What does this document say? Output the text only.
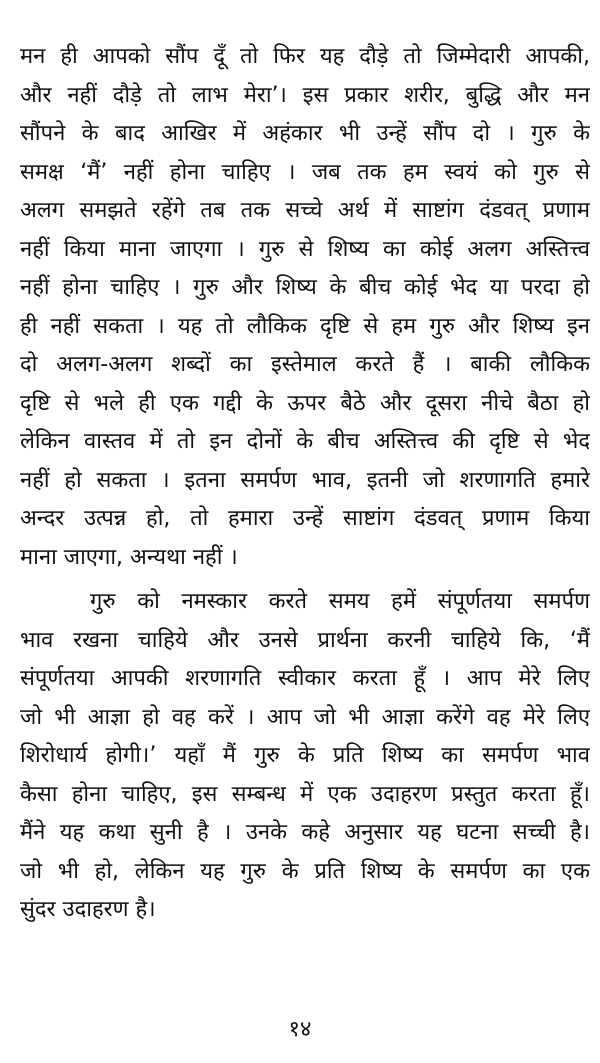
मन ही आपको सौंप दूँ तो फिर यह दौड़े तो जिम्मेदारी आपकी,
और नहीं दौड़े तो लाभ मेरा’। इस प्रकार शरीर, बुद्धि और मन
सौंपने के बाद आखिर में अहंकार भी उन्हें सौंप दो । गुरु के
समक्ष ‘मैं’ नहीं होना चाहिए । जब तक हम स्वयं को गुरु से
अलग समझते रहेंगे तब तक सच्चे अर्थ में साष्टांग दंडवत् प्रणाम
नहीं किया माना जाएगा । गुरु से शिष्य का कोई अलग अस्तित्त्व
नहीं होना चाहिए । गुरु और शिष्य के बीच कोई भेद या परदा हो
ही नहीं सकता । यह तो लौकिक दृष्टि से हम गुरु और शिष्य इन
दो अलग-अलग शब्दों का इस्तेमाल करते हैं । बाकी लौकिक
दृष्टि से भले ही एक गद्दी के ऊपर बैठे और दूसरा नीचे बैठा हो
लेकिन वास्तव में तो इन दोनों के बीच अस्तित्त्व की दृष्टि से भेद
नहीं हो सकता । इतना समर्पण भाव, इतनी जो शरणागति हमारे
अन्दर उत्पन्न हो, तो हमारा उन्हें साष्टांग दंडवत् प्रणाम किया
माना जाएगा, अन्यथा नहीं ।
गुरु को नमस्कार करते समय हमें संपूर्णतया समर्पण
भाव रखना चाहिये और उनसे प्रार्थना करनी चाहिये कि, ‘मैं
संपूर्णतया आपकी शरणागति स्वीकार करता हूँ । आप मेरे लिए
जो भी आज्ञा हो वह करें । आप जो भी आज्ञा करेंगे वह मेरे लिए
शिरोधार्य होगी।’ यहाँ मैं गुरु के प्रति शिष्य का समर्पण भाव
कैसा होना चाहिए, इस सम्बन्ध में एक उदाहरण प्रस्तुत करता हूँ।
मैंने यह कथा सुनी है । उनके कहे अनुसार यह घटना सच्ची है।
जो भी हो, लेकिन यह गुरु के प्रति शिष्य के समर्पण का एक
सुंदर उदाहरण है।
१४
